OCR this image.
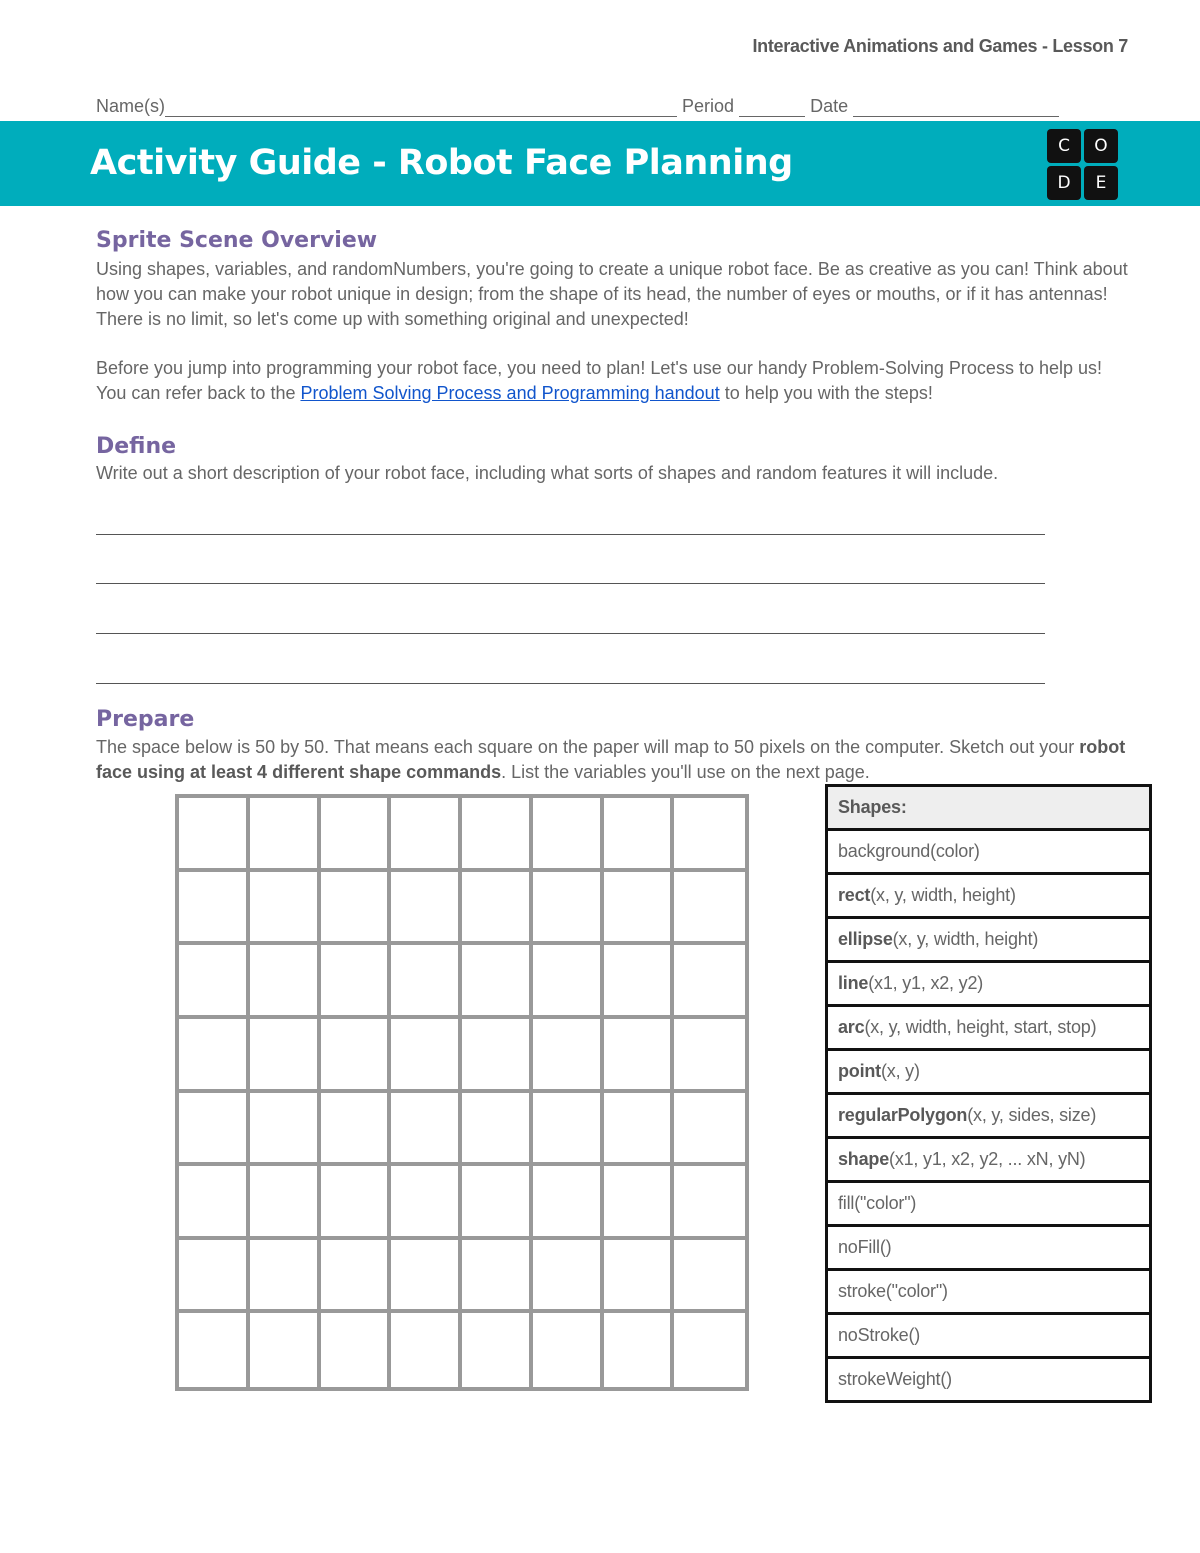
Interactive Animations and Games - Lesson 7
Name(s)	Period	Date
Activity Guide - Robot Face Planning	C	O
D	E
Sprite Scene Overview

Using shapes, variables, and randomNumbers, you're going to create a unique robot face. Be as creative as you can! Think about how you can make your robot unique in design; from the shape of its head, the number of eyes or mouths, or if it has antennas! There is no limit, so let's come up with something original and unexpected!

Before you jump into programming your robot face, you need to plan! Let's use our handy Problem-Solving Process to help us! You can refer back to the Problem Solving Process and Programming handout to help you with the steps!

Define

Write out a short description of your robot face, including what sorts of shapes and random features it will include.

Prepare

The space below is 50 by 50. That means each square on the paper will map to 50 pixels on the computer. Sketch out your robot face using at least 4 different shape commands. List the variables you'll use on the next page.

Shapes:
background(color)
rect(x, y, width, height)
ellipse(x, y, width, height)
line(x1, y1, x2, y2)
arc(x, y, width, height, start, stop)
point(x, y)
regularPolygon(x, y, sides, size)
shape(x1, y1, x2, y2, ... xN, yN)
fill("color")
noFill()
stroke("color")
noStroke()
strokeWeight()
